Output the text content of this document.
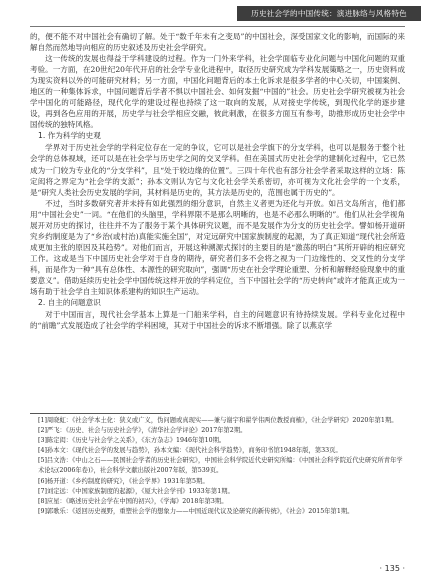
历史社会学的中国传统：演进脉络与风格特色

的，便不能不对中国社会有确切了解。处于“数千年未有之变局”的中国社会，深受国家文化的影响，而国际的来解自然而然地导向相应的历史叙述及历史社会学研究。

这一传统的发展也得益于学科建设的过程。作为一门外来学科，社会学面临专业化问题与中国化问题的双重考验。一方面，在20世纪20年代开启的社会学专业化进程中，取径历史研究成为学科发展策略之一，历史资料成为现实资料以外的可能研究材料；另一方面，中国化问题背后的本土化诉求是很多学者的中心关切，中国案例、地区的一种集体诉求，中国问题背后学者不惧以中国社会、如何发掘“中国的”社会。历史社会学研究被视为社会学中国化的可能路径，现代化学的建设过程也持续了这一取向的发展，从对接史学传统，到现代化学的逐步建设，再到各色应用的开展，历史学与社会学相应交融，彼此刺激，在很多方面互有参考，助推形成历史社会学中国传统的独特风格。

1. 作为科学的史观

学界对于历史社会学的学科定位存在一定的争议，它可以是社会学旗下的分支学科，也可以是服务于整个社会学的总体视域，还可以是在社会学与历史学之间的交叉学科。但在美国式历史社会学的建制化过程中，它已然成为一门较为专业化的“分支学科”，且“处于较边缘的位置”。三四十年代也有部分社会学者采取这样的立场：陈定闳将之界定为“社会学的支派”；孙本文则认为它与文化社会学关系密切，亦可视为文化社会学的一个支系，是“研究人类社会历史发展的学问，其材料是历史的，其方法是历史的，范围也属于历史的”。

不过，当时多数研究者并未持有如此强烈的细分意识，自然主义者更为还化与开放。如吕文岛所言，他们都用“中国社会史”一词。“在他们的头脑里，学科界限不是那么明晰的，也是不必那么明晰的”。他们从社会学视角展开对历史的探讨，往往并不为了服务于某个具体研究议题，而不是发展作为分支的历史社会学。譬如杨开道研究乡约制度是为了“乡治(或村治)真能实施全国”，对定远研究中国家族制度的起源，为了真正知道“现代社会所造成更加主张的原因及其趋势”。对他们而言，开展这种溯源式探讨的主要目的是“激荡的明白”其所开辟的相应研究工作。这或是当下中国历史社会学对于自身的期待，研究者们多不会将之视为一门边缘性的、交叉性的分支学科，而是作为一种“具有总体性、本源性的研究取向”，强调“历史在社会学理论重塑、分析和解释经验现象中的重要意义”。借助延续历史社会学中国传统这样开放的学科定位，当下中国社会学的“历史转向”或许才能真正成为一场有助于社会学自主知识体系建构的知识生产运动。

2. 自主的问题意识

对于中国而言，现代社会学基本上算是一门舶来学科，自主的问题意识有待持续发展。学科专业化过程中的“前瞻”式发展造成了社会学的学科困境，其对于中国社会的诉求不断增强。除了以燕京学

[1]周晓虹：《社会学本土化：狭义或广义，伪问题或真现实——兼与谢宇和翟学伟两位教授商榷》，《社会学研究》2020年第1期。
[2]严飞：《历史、社会与历史社会学》，《清华社会学评论》2017年第2期。
[3]陈定闳：《历史与社会学之关系》，《东方杂志》1946年第10期。
[4]孙本文：《现代社会学的发展与趋势》，孙本文编：《现代社会科学趋势》，商务印书馆1948年版，第33页。
[5]吕文浩：《中山之石——民国社会学者的历史社会研究》，中国社会科学院近代史研究所编：《中国社会科学院近代史研究所青年学术论坛(2006年卷)》，社会科学文献出版社2007年版，第539页。
[6]杨开道：《乡约制度的研究》，《社会学界》1931年第5期。
[7]刘定远：《中国家族制度的起源》，《厦大社会学刊》1933年第1期。
[8]应星：《略述历史社会学在中国的初兴》，《学海》2018年第3期。
[9]郭歌乐：《返回历史视野，重塑社会学的想象力——中国近现代议及论研究的新传统》，《社会》2015年第1期。
· 135 ·
